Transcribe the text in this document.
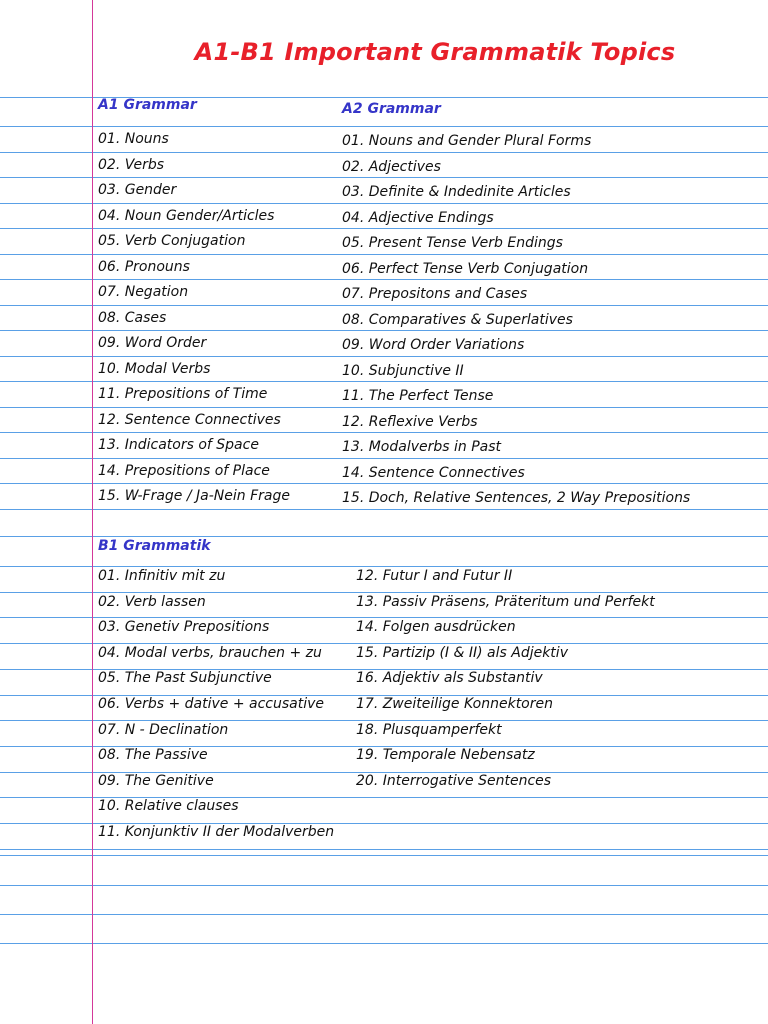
A1-B1 Important Grammatik Topics
A1 Grammar	A2 Grammar
B1 Grammatik
01. Nouns
02. Verbs
03. Gender
04. Noun Gender/Articles
05. Verb Conjugation
06. Pronouns
07. Negation
08. Cases
09. Word Order
10. Modal Verbs
11. Prepositions of Time
12. Sentence Connectives
13. Indicators of Space
14. Prepositions of Place
15. W-Frage / Ja-Nein Frage
01. Nouns and Gender Plural Forms
02. Adjectives
03. Definite & Indedinite Articles
04. Adjective Endings
05. Present Tense Verb Endings
06. Perfect Tense Verb Conjugation
07. Prepositons and Cases
08. Comparatives & Superlatives
09. Word Order Variations
10. Subjunctive II
11. The Perfect Tense
12. Reflexive Verbs
13. Modalverbs in Past
14. Sentence Connectives
15. Doch, Relative Sentences, 2 Way Prepositions
01. Infinitiv mit zu
02. Verb lassen
03. Genetiv Prepositions
04. Modal verbs, brauchen + zu
05. The Past Subjunctive
06. Verbs + dative + accusative
07. N - Declination
08. The Passive
09. The Genitive
10. Relative clauses
11. Konjunktiv II der Modalverben
12. Futur I and Futur II
13. Passiv Präsens, Präteritum und Perfekt
14. Folgen ausdrücken
15. Partizip (I & II) als Adjektiv
16. Adjektiv als Substantiv
17. Zweiteilige Konnektoren
18. Plusquamperfekt
19. Temporale Nebensatz
20. Interrogative Sentences
